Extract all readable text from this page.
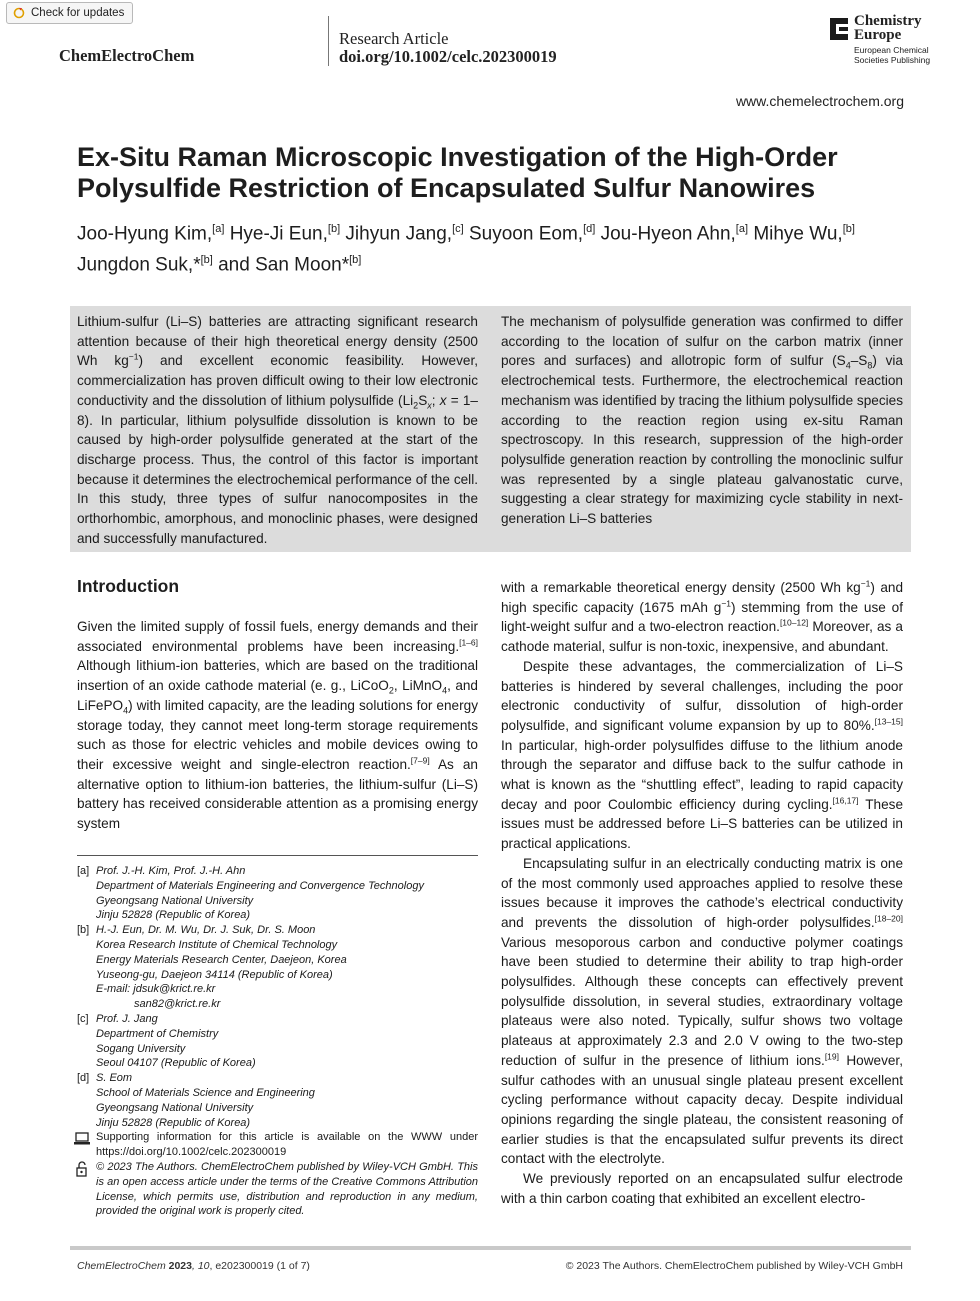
Check for updates
ChemElectroChem
Research Article
doi.org/10.1002/celc.202300019
Chemistry
Europe
European Chemical
Societies Publishing
www.chemelectrochem.org
Ex-Situ Raman Microscopic Investigation of the High-Order Polysulfide Restriction of Encapsulated Sulfur Nanowires
Joo-Hyung Kim,[a] Hye-Ji Eun,[b] Jihyun Jang,[c] Suyoon Eom,[d] Jou-Hyeon Ahn,[a] Mihye Wu,[b] Jungdon Suk,*[b] and San Moon*[b]
Lithium-sulfur (Li–S) batteries are attracting significant research attention because of their high theoretical energy density (2500 Wh $kg^{-1}$) and excellent economic feasibility. However, commercialization has proven difficult owing to their low electronic conductivity and the dissolution of lithium polysulfide ($Li_2S_x$; x = 1–8). In particular, lithium polysulfide dissolution is known to be caused by high-order polysulfide generated at the start of the discharge process. Thus, the control of this factor is important because it determines the electrochemical performance of the cell. In this study, three types of sulfur nanocomposites in the orthorhombic, amorphous, and monoclinic phases, were designed and successfully manufactured.
The mechanism of polysulfide generation was confirmed to differ according to the location of sulfur on the carbon matrix (inner pores and surfaces) and allotropic form of sulfur $(S_4-S_8)$ via electrochemical tests. Furthermore, the electrochemical reaction mechanism was identified by tracing the lithium polysulfide species according to the reaction region using ex-situ Raman spectroscopy. In this research, suppression of the high-order polysulfide generation reaction by controlling the monoclinic sulfur was represented by a single plateau galvanostatic curve, suggesting a clear strategy for maximizing cycle stability in next-generation Li–S batteries
Introduction

Given the limited supply of fossil fuels, energy demands and their associated environmental problems have been increasing.[1–6] Although lithium-ion batteries, which are based on the traditional insertion of an oxide cathode material (e. g., LiCoO$_2$, LiMnO$_4$, and LiFePO$_4$) with limited capacity, are the leading solutions for energy storage today, they cannot meet long-term storage requirements such as those for electric vehicles and mobile devices owing to their excessive weight and single-electron reaction.[7–9] As an alternative option to lithium-ion batteries, the lithium-sulfur (Li–S) battery has received considerable attention as a promising energy system

with a remarkable theoretical energy density (2500 Wh $kg^{-1}$) and high specific capacity (1675 mAh $g^{-1}$) stemming from the use of light-weight sulfur and a two-electron reaction.[10–12] Moreover, as a cathode material, sulfur is non-toxic, inexpensive, and abundant.

Despite these advantages, the commercialization of Li–S batteries is hindered by several challenges, including the poor electronic conductivity of sulfur, dissolution of high-order polysulfide, and significant volume expansion by up to 80%.[13–15] In particular, high-order polysulfides diffuse to the lithium anode through the separator and diffuse back to the sulfur cathode in what is known as the “shuttling effect”, leading to rapid capacity decay and poor Coulombic efficiency during cycling.[16,17] These issues must be addressed before Li–S batteries can be utilized in practical applications.

Encapsulating sulfur in an electrically conducting matrix is one of the most commonly used approaches applied to resolve these issues because it improves the cathode’s electrical conductivity and prevents the dissolution of high-order polysulfides.[18–20] Various mesoporous carbon and conductive polymer coatings have been studied to determine their ability to trap high-order polysulfides. Although these concepts can effectively prevent polysulfide dissolution, in several studies, extraordinary voltage plateaus were also noted. Typically, sulfur shows two voltage plateaus at approximately 2.3 and 2.0 V owing to the two-step reduction of sulfur in the presence of lithium ions.[19] However, sulfur cathodes with an unusual single plateau present excellent cycling performance without capacity decay. Despite individual opinions regarding the single plateau, the consistent reasoning of earlier studies is that the encapsulated sulfur prevents its direct contact with the electrolyte.

We previously reported on an encapsulated sulfur electrode with a thin carbon coating that exhibited an excellent electro-

[a] Prof. J.-H. Kim, Prof. J.-H. Ahn
Department of Materials Engineering and Convergence Technology
Gyeongsang National University
Jinju 52828 (Republic of Korea)
[b] H.-J. Eun, Dr. M. Wu, Dr. J. Suk, Dr. S. Moon
Korea Research Institute of Chemical Technology
Energy Materials Research Center, Daejeon, Korea
Yuseong-gu, Daejeon 34114 (Republic of Korea)
E-mail: jdsuk@krict.re.kr
san82@krict.re.kr
[c] Prof. J. Jang
Department of Chemistry
Sogang University
Seoul 04107 (Republic of Korea)
[d] S. Eom
School of Materials Science and Engineering
Gyeongsang National University
Jinju 52828 (Republic of Korea)
Supporting information for this article is available on the WWW under https://doi.org/10.1002/celc.202300019
© 2023 The Authors. ChemElectroChem published by Wiley-VCH GmbH. This is an open access article under the terms of the Creative Commons Attribution License, which permits use, distribution and reproduction in any medium, provided the original work is properly cited.
ChemElectroChem 2023, 10, e202300019 (1 of 7)	© 2023 The Authors. ChemElectroChem published by Wiley-VCH GmbH
